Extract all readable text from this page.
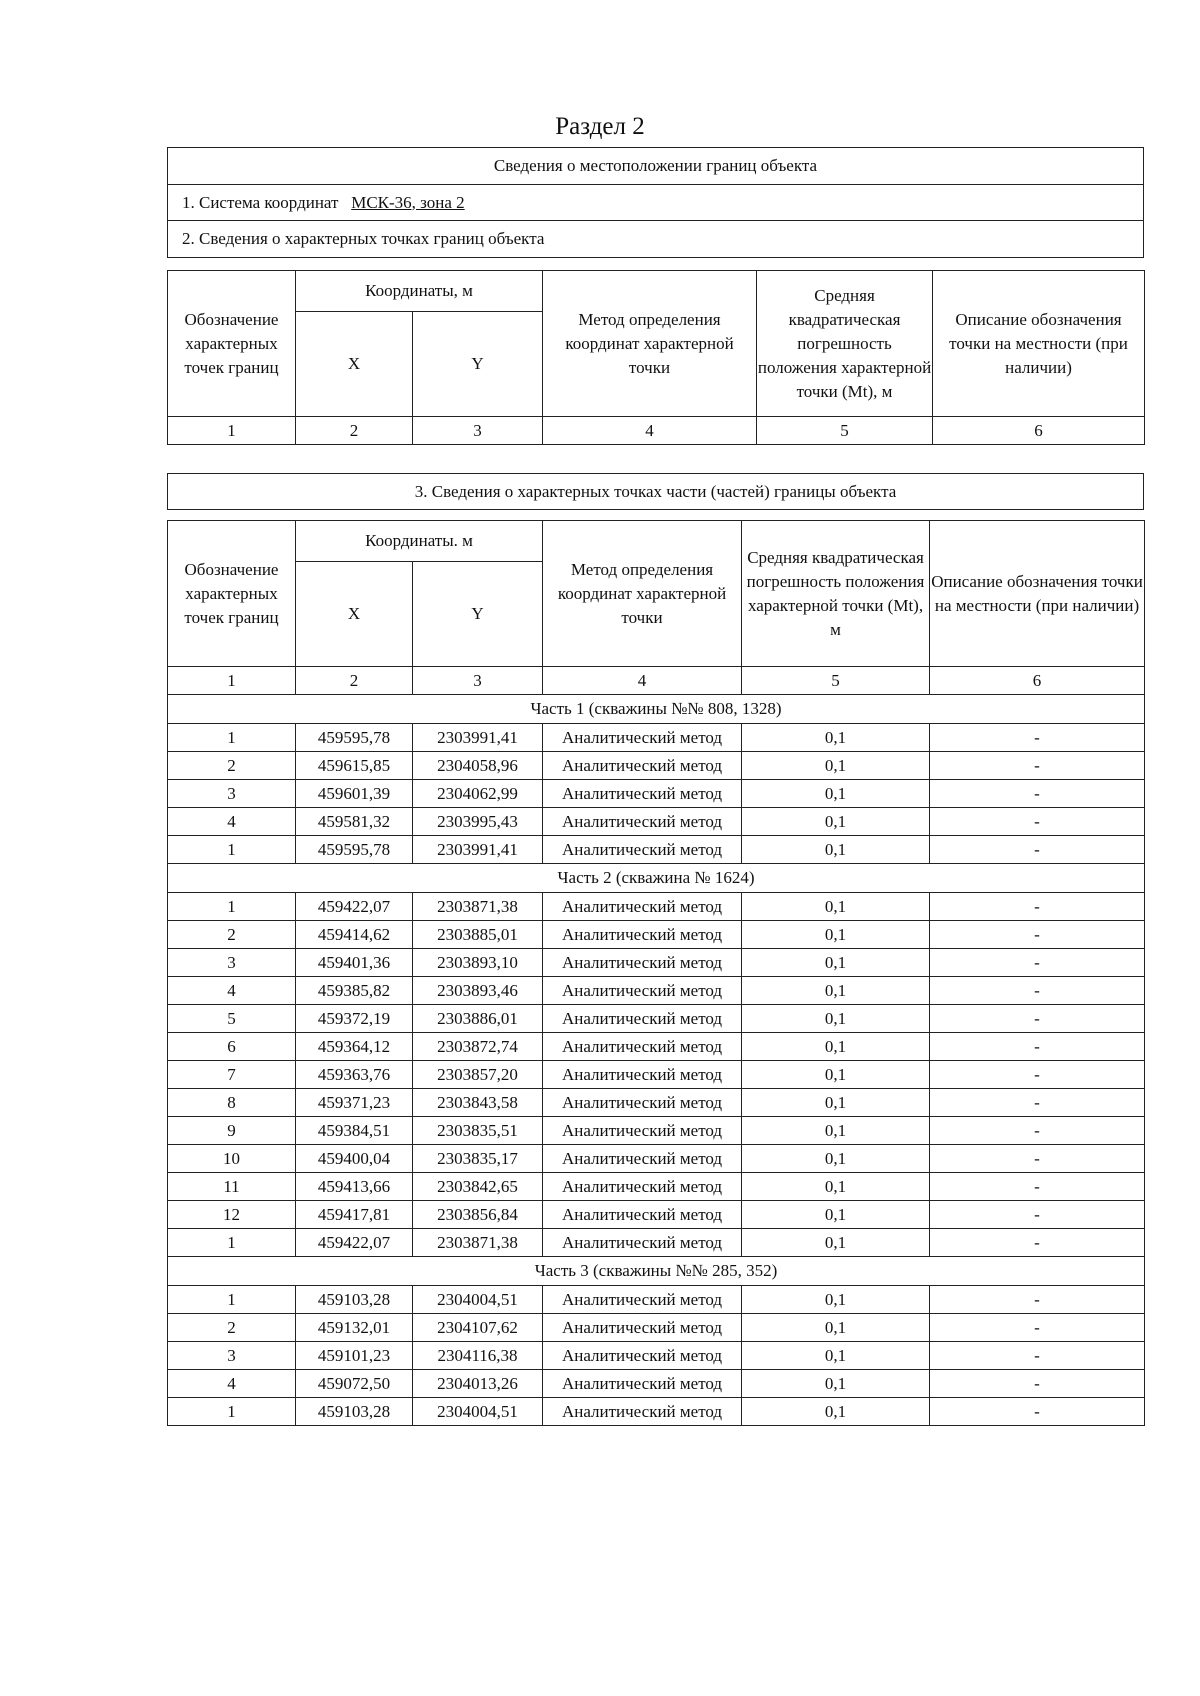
Раздел 2
Сведения о местоположении границ объекта
1. Система координат МСК-36, зона 2
2. Сведения о характерных точках границ объекта
Обозначение характерных точек границ	Координаты, м		Метод определения координат характерной точки	Средняя квадратическая погрешность положения характерной точки (Mt), м	Описание обозначения точки на местности (при наличии)
	X	Y			
1	2	3	4	5	6
3. Сведения о характерных точках части (частей) границы объекта
Обозначение характерных точек границ	Координаты. м		Метод определения координат характерной точки	Средняя квадратическая погрешность положения характерной точки (Mt), м	Описание обозначения точки на местности (при наличии)
	X	Y			
1	2	3	4	5	6
Часть 1 (скважины №№ 808, 1328)					
1	459595,78	2303991,41	Аналитический метод	0,1	-
2	459615,85	2304058,96	Аналитический метод	0,1	-
3	459601,39	2304062,99	Аналитический метод	0,1	-
4	459581,32	2303995,43	Аналитический метод	0,1	-
1	459595,78	2303991,41	Аналитический метод	0,1	-
Часть 2 (скважина № 1624)					
1	459422,07	2303871,38	Аналитический метод	0,1	-
2	459414,62	2303885,01	Аналитический метод	0,1	-
3	459401,36	2303893,10	Аналитический метод	0,1	-
4	459385,82	2303893,46	Аналитический метод	0,1	-
5	459372,19	2303886,01	Аналитический метод	0,1	-
6	459364,12	2303872,74	Аналитический метод	0,1	-
7	459363,76	2303857,20	Аналитический метод	0,1	-
8	459371,23	2303843,58	Аналитический метод	0,1	-
9	459384,51	2303835,51	Аналитический метод	0,1	-
10	459400,04	2303835,17	Аналитический метод	0,1	-
11	459413,66	2303842,65	Аналитический метод	0,1	-
12	459417,81	2303856,84	Аналитический метод	0,1	-
1	459422,07	2303871,38	Аналитический метод	0,1	-
Часть 3 (скважины №№ 285, 352)					
1	459103,28	2304004,51	Аналитический метод	0,1	-
2	459132,01	2304107,62	Аналитический метод	0,1	-
3	459101,23	2304116,38	Аналитический метод	0,1	-
4	459072,50	2304013,26	Аналитический метод	0,1	-
1	459103,28	2304004,51	Аналитический метод	0,1	-
